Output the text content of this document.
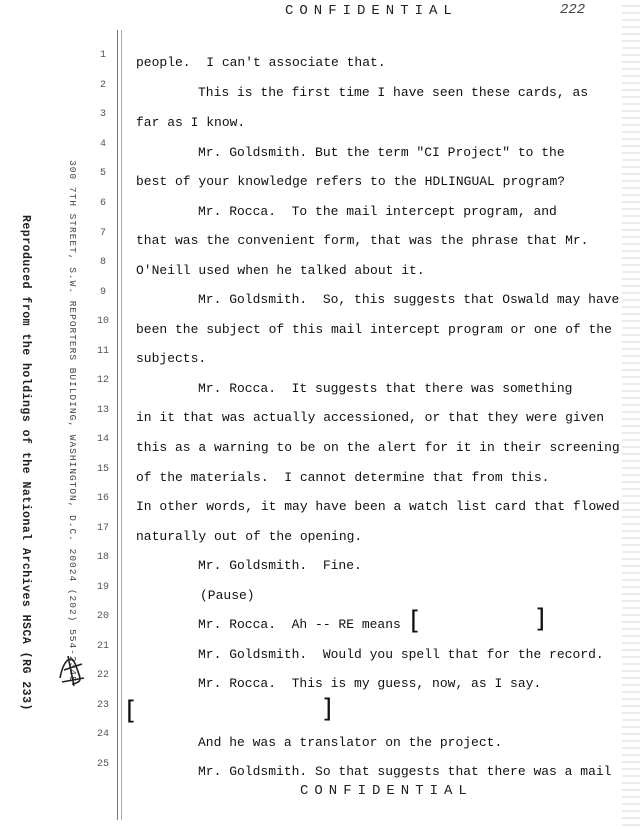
CONFIDENTIAL	222
Reproduced from the holdings of the National Archives HSCA (RG 233)	300 7TH STREET, S.W. REPORTERS BUILDING, WASHINGTON, D.C. 20024 (202) 554-2345
2
3
4
5
6
7
8
9
10
11
12
13
14
15
16
17
18
19
20
21
22
23
24
25
1	people.  I can't associate that.
This is the first time I have seen these cards, as
far as I know.
Mr. Goldsmith. But the term "CI Project" to the
best of your knowledge refers to the HDLINGUAL program?
Mr. Rocca.  To the mail intercept program, and
that was the convenient form, that was the phrase that Mr.
O'Neill used when he talked about it.
Mr. Goldsmith.  So, this suggests that Oswald may have
been the subject of this mail intercept program or one of the
subjects.
Mr. Rocca.  It suggests that there was something
in it that was actually accessioned, or that they were given
this as a warning to be on the alert for it in their screening
of the materials.  I cannot determine that from this.
In other words, it may have been a watch list card that flowed
naturally out of the opening.
Mr. Goldsmith.  Fine.
(Pause)
Mr. Rocca.  Ah -- RE means
Mr. Goldsmith.  Would you spell that for the record.
Mr. Rocca.  This is my guess, now, as I say.
And he was a translator on the project.
Mr. Goldsmith. So that suggests that there was a mail
[	]
[	]
CONFIDENTIAL
